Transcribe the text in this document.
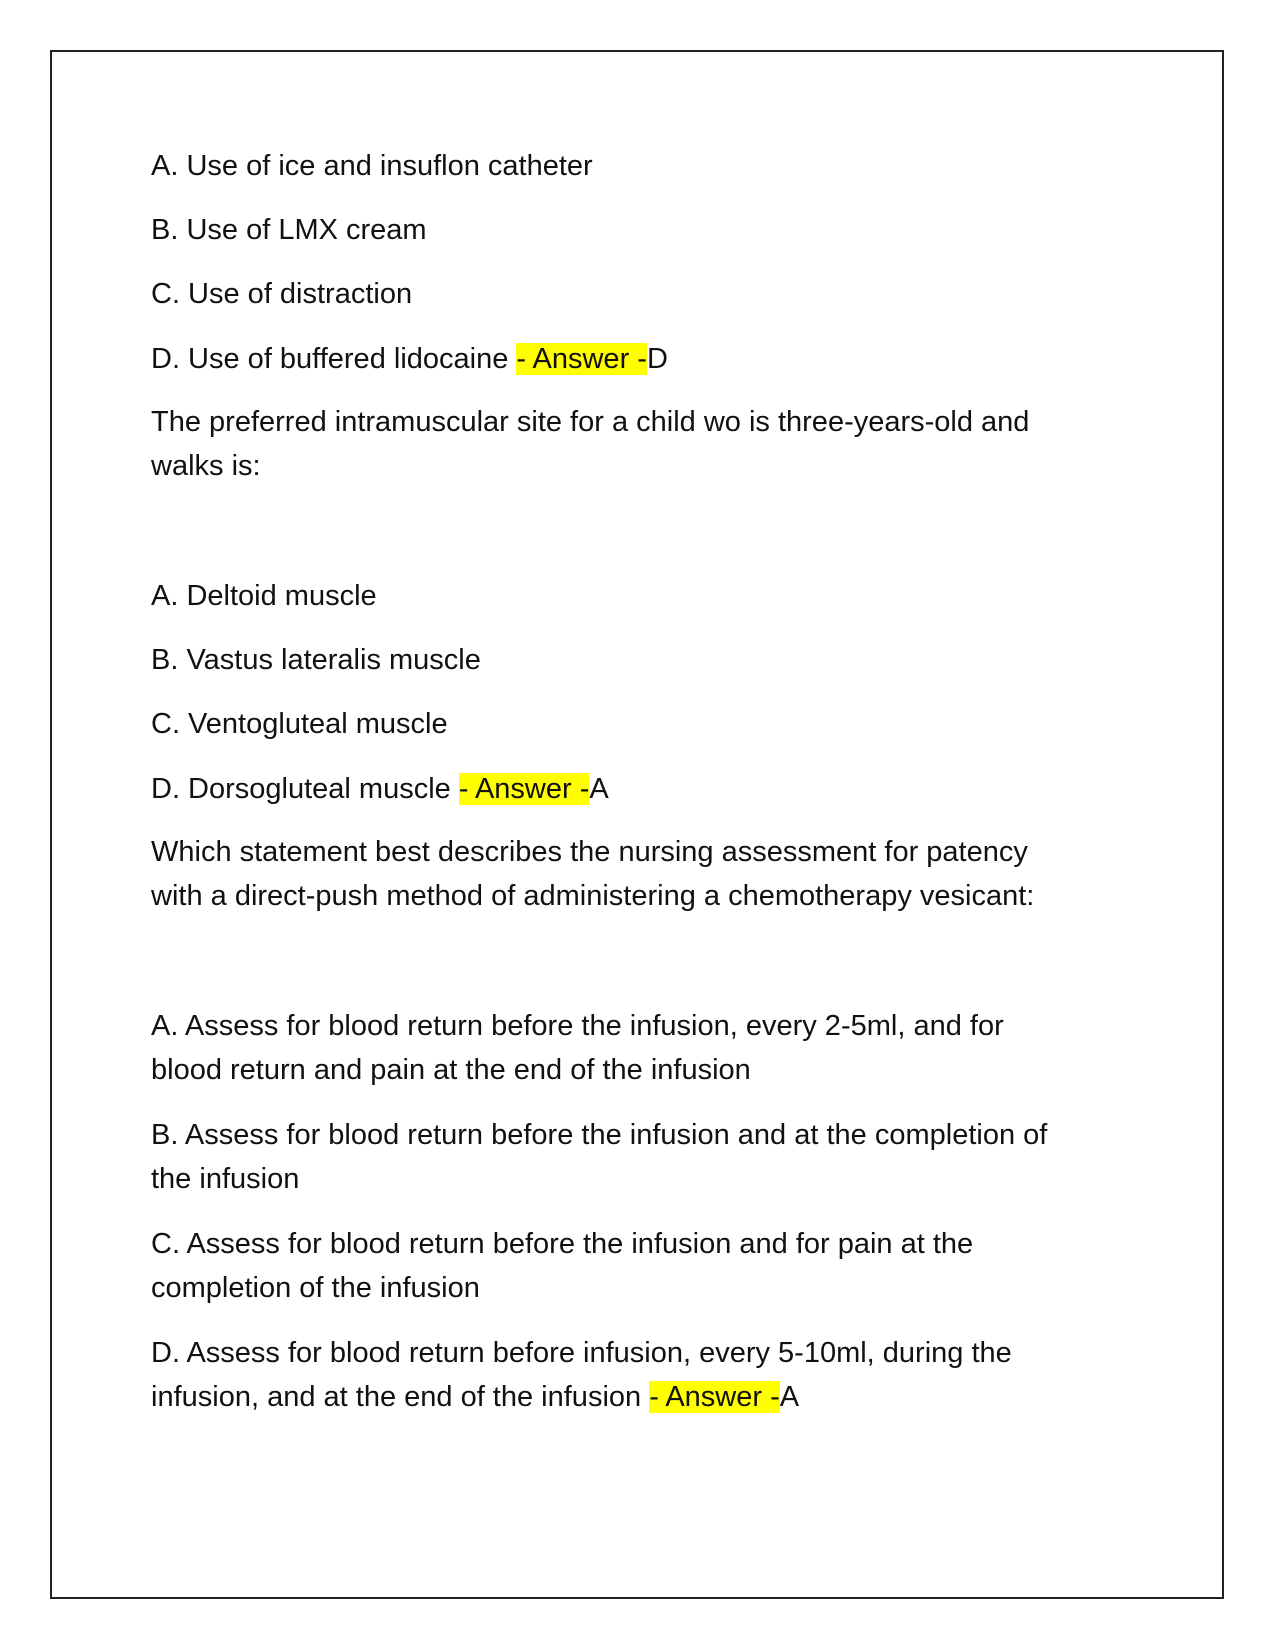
A. Use of ice and insuflon catheter
B. Use of LMX cream
C. Use of distraction
D. Use of buffered lidocaine - Answer -D
The preferred intramuscular site for a child wo is three-years-old and
walks is:
A. Deltoid muscle
B. Vastus lateralis muscle
C. Ventogluteal muscle
D. Dorsogluteal muscle - Answer -A
Which statement best describes the nursing assessment for patency
with a direct-push method of administering a chemotherapy vesicant:
A. Assess for blood return before the infusion, every 2-5ml, and for
blood return and pain at the end of the infusion
B. Assess for blood return before the infusion and at the completion of
the infusion
C. Assess for blood return before the infusion and for pain at the
completion of the infusion
D. Assess for blood return before infusion, every 5-10ml, during the
infusion, and at the end of the infusion - Answer -A
